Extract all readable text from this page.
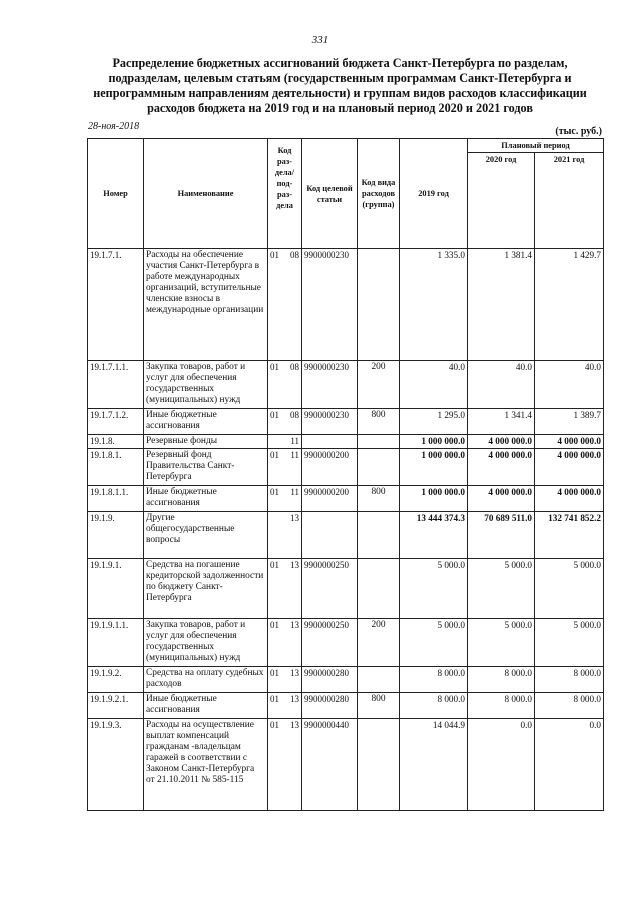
331
Распределение бюджетных ассигнований бюджета Санкт-Петербурга по разделам, подразделам, целевым статьям (государственным программам Санкт-Петербурга и непрограммным направлениям деятельности) и группам видов расходов классификации расходов бюджета на 2019 год и на плановый период 2020 и 2021 годов
28-ноя-2018	(тыс. руб.)
Номер	Наименование	Код раз- дела/ под- раз- дела	Код целевой статьи	Код вида расходов (группа)	2019 год	Плановый период	
						2020 год	2021 год
19.1.7.1.	Расходы на обеспечение участия Санкт-Петербурга в работе международных организаций, вступительные членские взносы в международные организации	01 08	9900000230		1 335.0	1 381.4	1 429.7
19.1.7.1.1.	Закупка товаров, работ и услуг для обеспечения государственных (муниципальных) нужд	01 08	9900000230	200	40.0	40.0	40.0
19.1.7.1.2.	Иные бюджетные ассигнования	01 08	9900000230	800	1 295.0	1 341.4	1 389.7
19.1.8.	Резервные фонды	11			1 000 000.0	4 000 000.0	4 000 000.0
19.1.8.1.	Резервный фонд Правительства Санкт-Петербурга	01 11	9900000200		1 000 000.0	4 000 000.0	4 000 000.0
19.1.8.1.1.	Иные бюджетные ассигнования	01 11	9900000200	800	1 000 000.0	4 000 000.0	4 000 000.0
19.1.9.	Другие общегосударственные вопросы	13			13 444 374.3	70 689 511.0	132 741 852.2
19.1.9.1.	Средства на погашение кредиторской задолженности по бюджету Санкт-Петербурга	01 13	9900000250		5 000.0	5 000.0	5 000.0
19.1.9.1.1.	Закупка товаров, работ и услуг для обеспечения государственных (муниципальных) нужд	01 13	9900000250	200	5 000.0	5 000.0	5 000.0
19.1.9.2.	Средства на оплату судебных расходов	01 13	9900000280		8 000.0	8 000.0	8 000.0
19.1.9.2.1.	Иные бюджетные ассигнования	01 13	9900000280	800	8 000.0	8 000.0	8 000.0
19.1.9.3.	Расходы на осуществление выплат компенсаций гражданам -владельцам гаражей в соответствии с Законом Санкт-Петербурга от 21.10.2011 № 585-115	01 13	9900000440		14 044.9	0.0	0.0
